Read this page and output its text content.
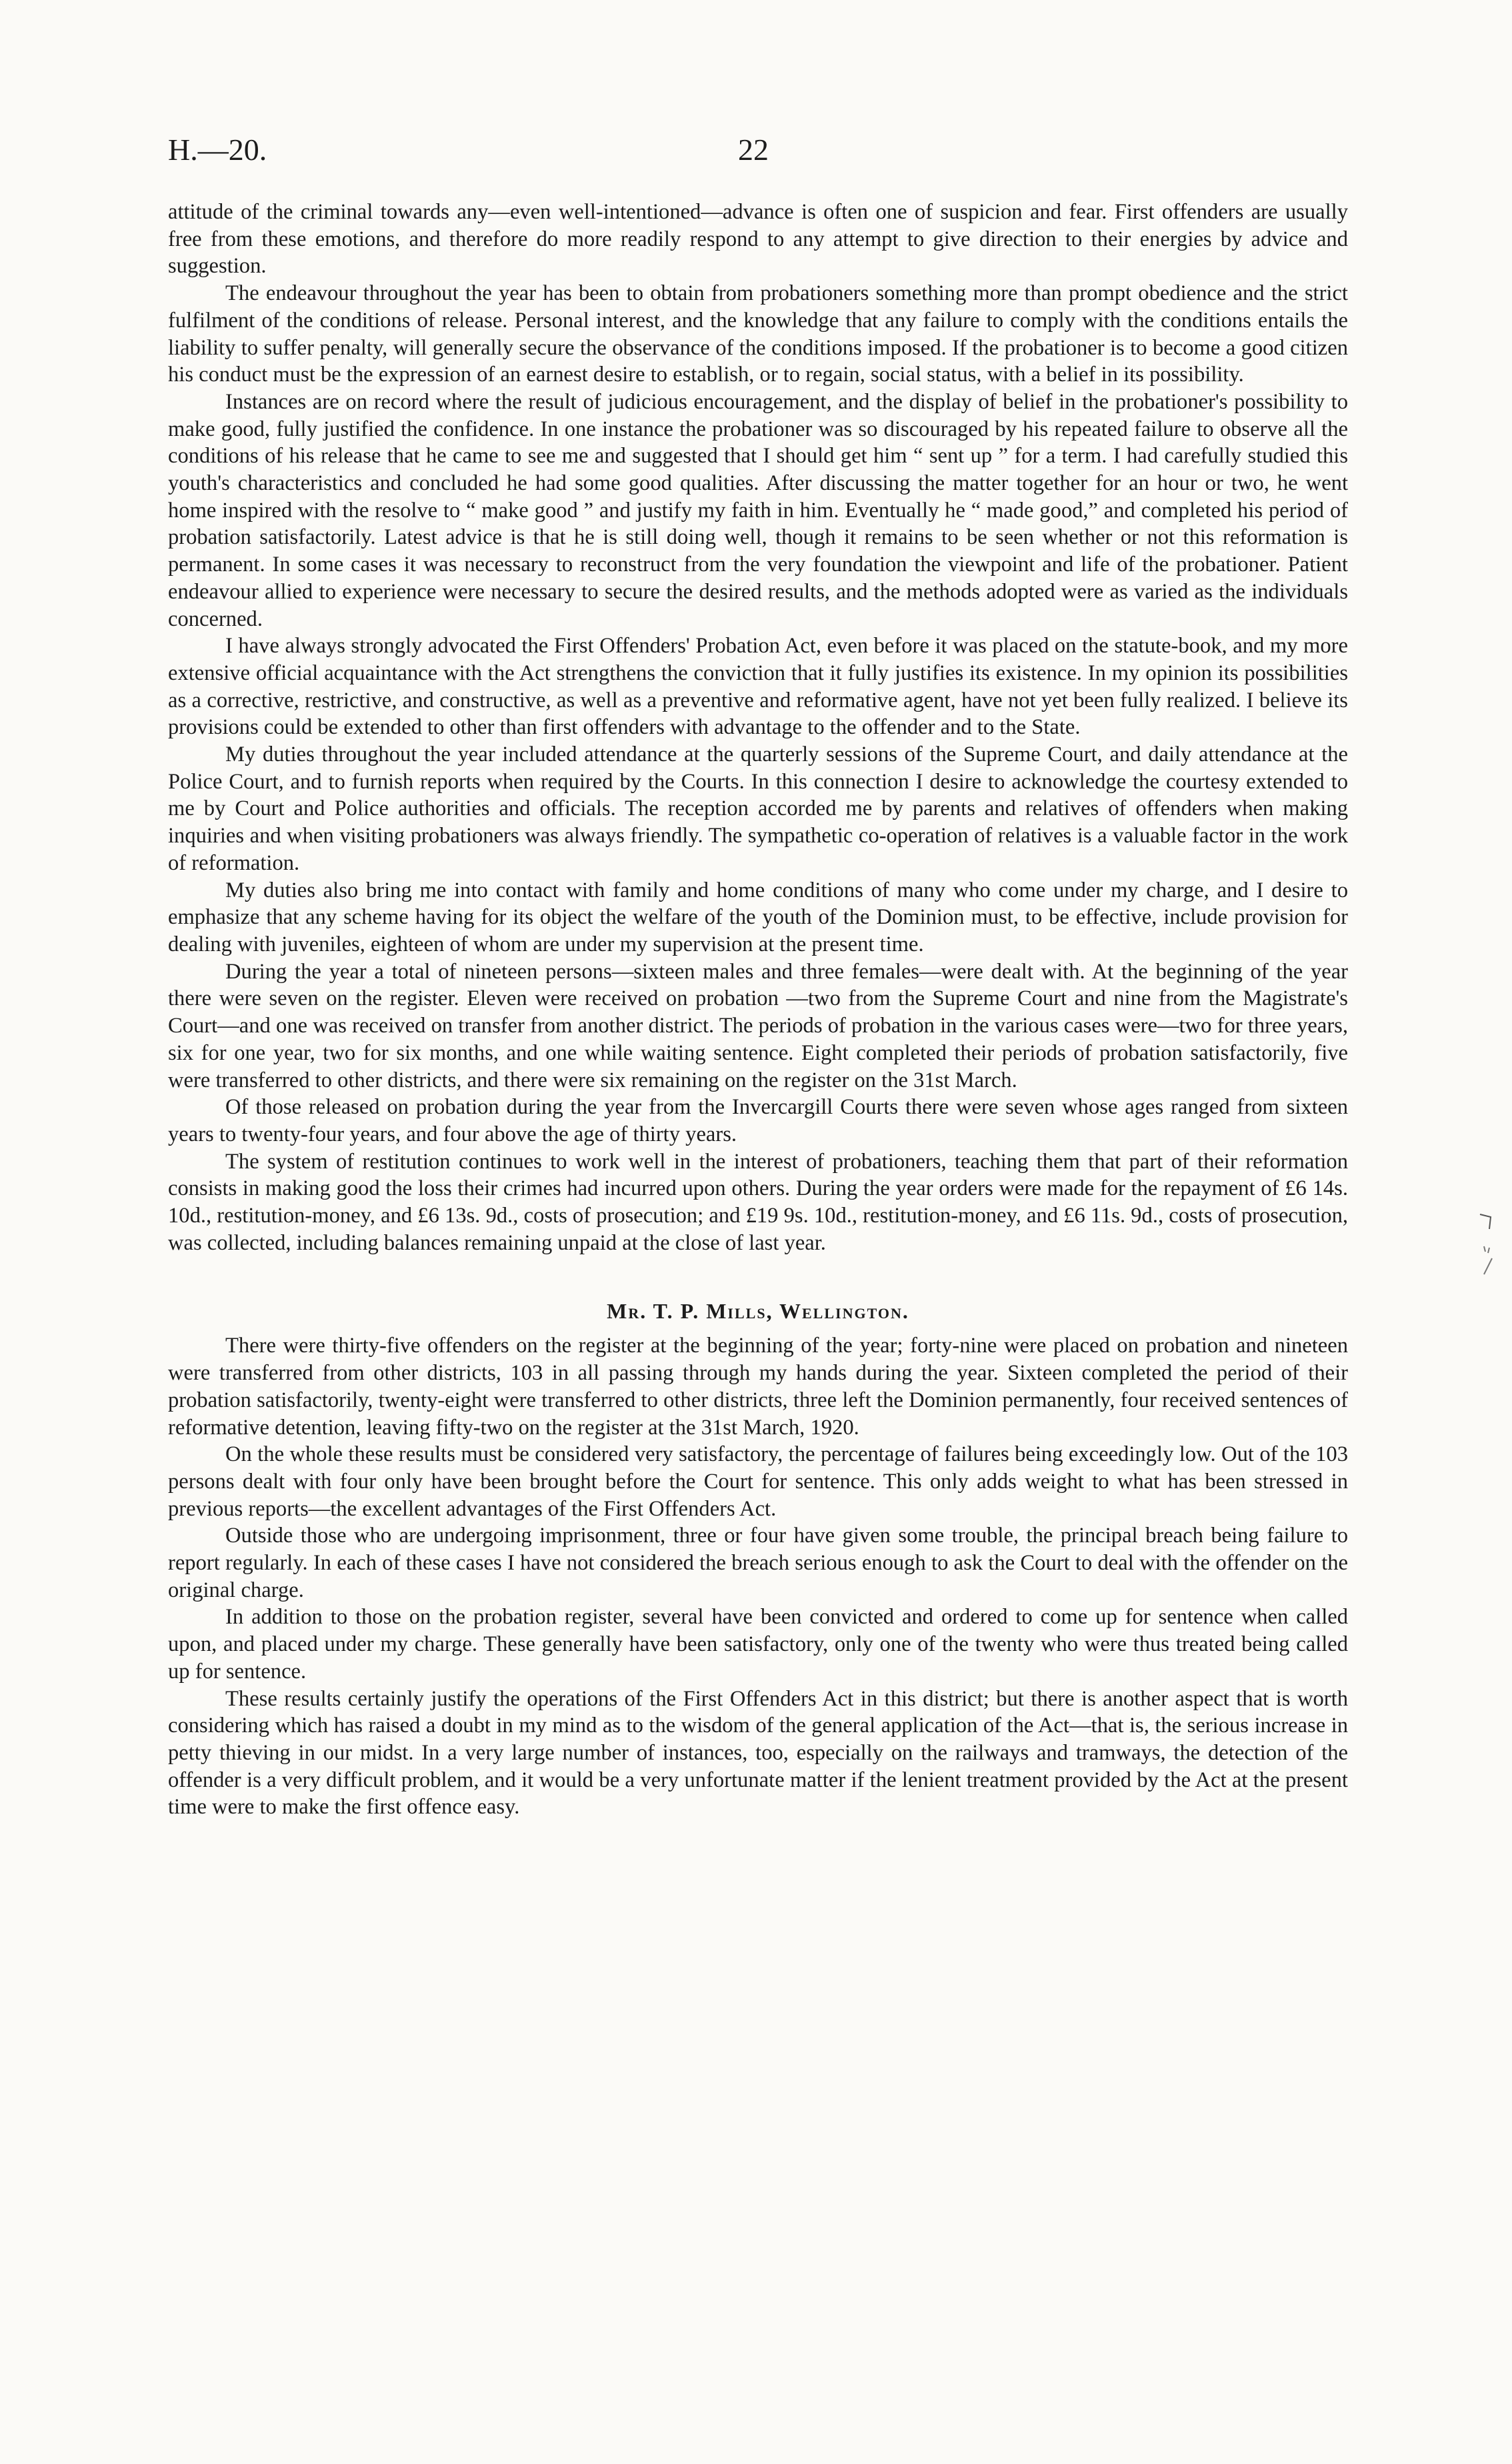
H.—20.	22

attitude of the criminal towards any—even well-intentioned—advance is often one of suspicion and fear. First offenders are usually free from these emotions, and therefore do more readily respond to any attempt to give direction to their energies by advice and suggestion.

The endeavour throughout the year has been to obtain from probationers something more than prompt obedience and the strict fulfilment of the conditions of release. Personal interest, and the knowledge that any failure to comply with the conditions entails the liability to suffer penalty, will generally secure the observance of the conditions imposed. If the probationer is to become a good citizen his conduct must be the expression of an earnest desire to establish, or to regain, social status, with a belief in its possibility.

Instances are on record where the result of judicious encouragement, and the display of belief in the probationer's possibility to make good, fully justified the confidence. In one instance the probationer was so discouraged by his repeated failure to observe all the conditions of his release that he came to see me and suggested that I should get him “ sent up ” for a term. I had carefully studied this youth's characteristics and concluded he had some good qualities. After discussing the matter together for an hour or two, he went home inspired with the resolve to “ make good ” and justify my faith in him. Eventually he “ made good,” and completed his period of probation satisfactorily. Latest advice is that he is still doing well, though it remains to be seen whether or not this reformation is permanent. In some cases it was necessary to reconstruct from the very foundation the viewpoint and life of the probationer. Patient endeavour allied to experience were necessary to secure the desired results, and the methods adopted were as varied as the individuals concerned.

I have always strongly advocated the First Offenders' Probation Act, even before it was placed on the statute-book, and my more extensive official acquaintance with the Act strengthens the conviction that it fully justifies its existence. In my opinion its possibilities as a corrective, restrictive, and constructive, as well as a preventive and reformative agent, have not yet been fully realized. I believe its provisions could be extended to other than first offenders with advantage to the offender and to the State.

My duties throughout the year included attendance at the quarterly sessions of the Supreme Court, and daily attendance at the Police Court, and to furnish reports when required by the Courts. In this connection I desire to acknowledge the courtesy extended to me by Court and Police authorities and officials. The reception accorded me by parents and relatives of offenders when making inquiries and when visiting probationers was always friendly. The sympathetic co-operation of relatives is a valuable factor in the work of reformation.

My duties also bring me into contact with family and home conditions of many who come under my charge, and I desire to emphasize that any scheme having for its object the welfare of the youth of the Dominion must, to be effective, include provision for dealing with juveniles, eighteen of whom are under my supervision at the present time.

During the year a total of nineteen persons—sixteen males and three females—were dealt with. At the beginning of the year there were seven on the register. Eleven were received on probation —two from the Supreme Court and nine from the Magistrate's Court—and one was received on transfer from another district. The periods of probation in the various cases were—two for three years, six for one year, two for six months, and one while waiting sentence. Eight completed their periods of probation satisfactorily, five were transferred to other districts, and there were six remaining on the register on the 31st March.

Of those released on probation during the year from the Invercargill Courts there were seven whose ages ranged from sixteen years to twenty-four years, and four above the age of thirty years.

The system of restitution continues to work well in the interest of probationers, teaching them that part of their reformation consists in making good the loss their crimes had incurred upon others. During the year orders were made for the repayment of £6 14s. 10d., restitution-money, and £6 13s. 9d., costs of prosecution; and £19 9s. 10d., restitution-money, and £6 11s. 9d., costs of prosecution, was collected, including balances remaining unpaid at the close of last year.

Mr. T. P. Mills, Wellington.

There were thirty-five offenders on the register at the beginning of the year; forty-nine were placed on probation and nineteen were transferred from other districts, 103 in all passing through my hands during the year. Sixteen completed the period of their probation satisfactorily, twenty-eight were transferred to other districts, three left the Dominion permanently, four received sentences of reformative detention, leaving fifty-two on the register at the 31st March, 1920.

On the whole these results must be considered very satisfactory, the percentage of failures being exceedingly low. Out of the 103 persons dealt with four only have been brought before the Court for sentence. This only adds weight to what has been stressed in previous reports—the excellent advantages of the First Offenders Act.

Outside those who are undergoing imprisonment, three or four have given some trouble, the principal breach being failure to report regularly. In each of these cases I have not considered the breach serious enough to ask the Court to deal with the offender on the original charge.

In addition to those on the probation register, several have been convicted and ordered to come up for sentence when called upon, and placed under my charge. These generally have been satisfactory, only one of the twenty who were thus treated being called up for sentence.

These results certainly justify the operations of the First Offenders Act in this district; but there is another aspect that is worth considering which has raised a doubt in my mind as to the wisdom of the general application of the Act—that is, the serious increase in petty thieving in our midst. In a very large number of instances, too, especially on the railways and tramways, the detection of the offender is a very difficult problem, and it would be a very unfortunate matter if the lenient treatment provided by the Act at the present time were to make the first offence easy.
